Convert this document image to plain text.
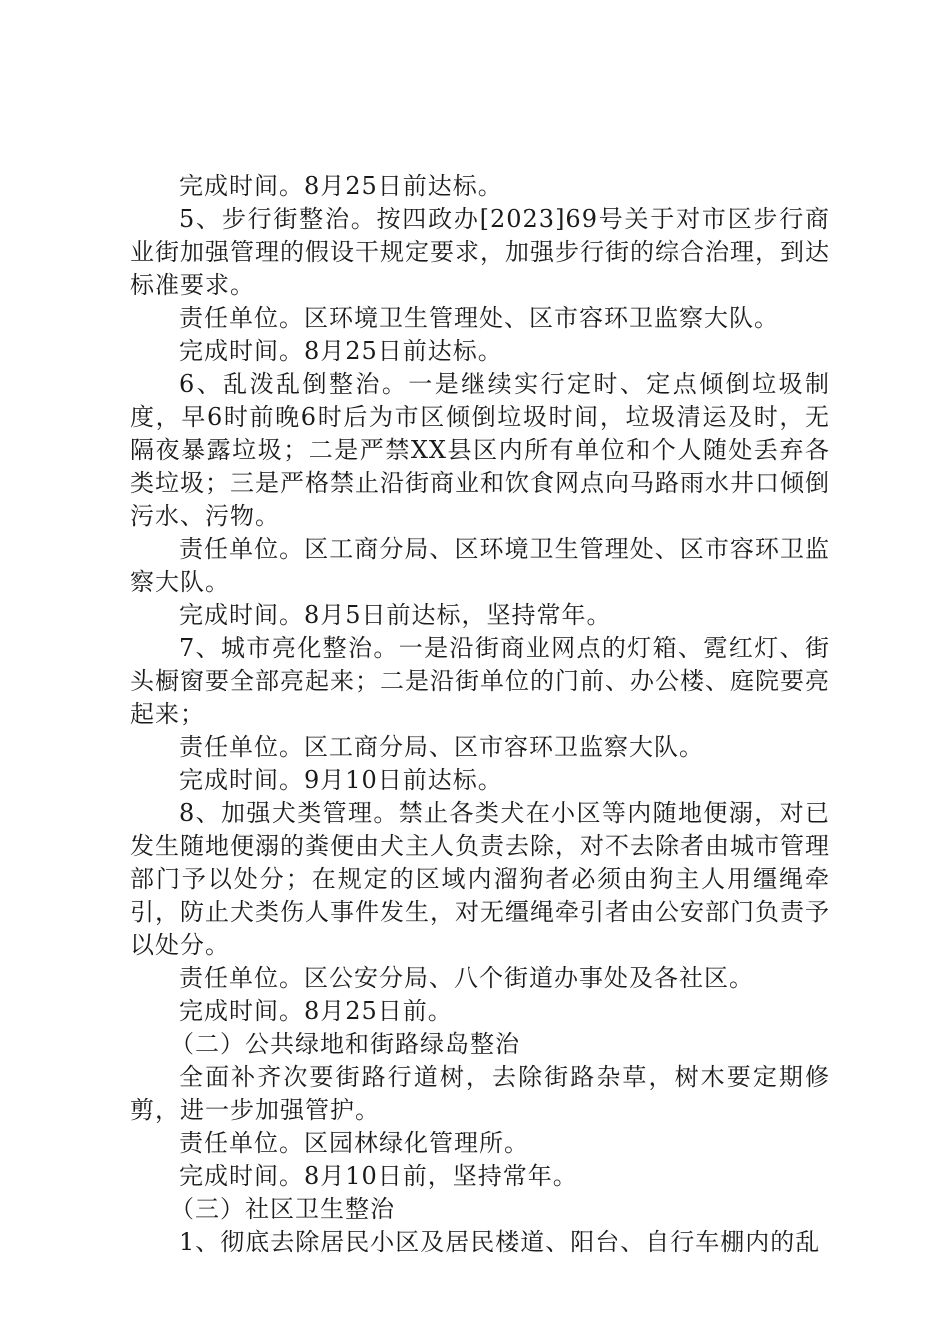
完成时间。8月25日前达标。

5、步行街整治。按四政办[2023]69号关于对市区步行商业街加强管理的假设干规定要求，加强步行街的综合治理，到达标准要求。

责任单位。区环境卫生管理处、区市容环卫监察大队。

完成时间。8月25日前达标。

6、乱泼乱倒整治。一是继续实行定时、定点倾倒垃圾制度，早6时前晚6时后为市区倾倒垃圾时间，垃圾清运及时，无隔夜暴露垃圾；二是严禁XX县区内所有单位和个人随处丢弃各类垃圾；三是严格禁止沿街商业和饮食网点向马路雨水井口倾倒污水、污物。

责任单位。区工商分局、区环境卫生管理处、区市容环卫监察大队。

完成时间。8月5日前达标，坚持常年。

7、城市亮化整治。一是沿街商业网点的灯箱、霓红灯、街头橱窗要全部亮起来；二是沿街单位的门前、办公楼、庭院要亮起来；

责任单位。区工商分局、区市容环卫监察大队。

完成时间。9月10日前达标。

8、加强犬类管理。禁止各类犬在小区等内随地便溺，对已发生随地便溺的粪便由犬主人负责去除，对不去除者由城市管理部门予以处分；在规定的区域内溜狗者必须由狗主人用缰绳牵引，防止犬类伤人事件发生，对无缰绳牵引者由公安部门负责予以处分。

责任单位。区公安分局、八个街道办事处及各社区。

完成时间。8月25日前。

（二）公共绿地和街路绿岛整治

全面补齐次要街路行道树，去除街路杂草，树木要定期修剪，进一步加强管护。

责任单位。区园林绿化管理所。

完成时间。8月10日前，坚持常年。

（三）社区卫生整治

1、彻底去除居民小区及居民楼道、阳台、自行车棚内的乱
